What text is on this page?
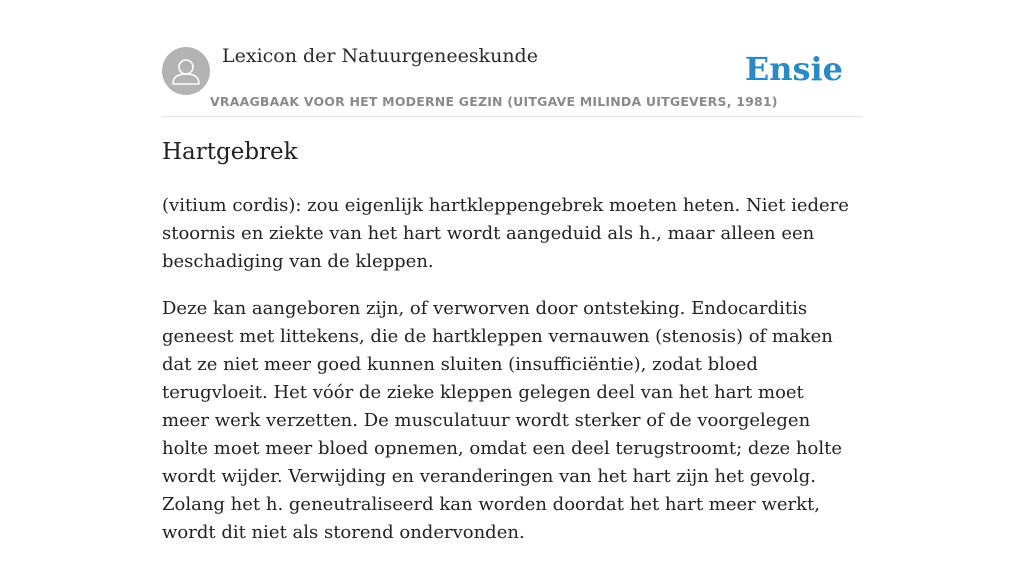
Lexicon der Natuurgeneeskunde
VRAAGBAAK VOOR HET MODERNE GEZIN (UITGAVE MILINDA UITGEVERS, 1981)
Ensie
Hartgebrek

(vitium cordis): zou eigenlijk hartkleppengebrek moeten heten. Niet iedere stoornis en ziekte van het hart wordt aangeduid als h., maar alleen een beschadiging van de kleppen.

Deze kan aangeboren zijn, of verworven door ontsteking. Endocarditis geneest met littekens, die de hartkleppen vernauwen (stenosis) of maken dat ze niet meer goed kunnen sluiten (insufficiëntie), zodat bloed terugvloeit. Het vóór de zieke kleppen gelegen deel van het hart moet meer werk verzetten. De musculatuur wordt sterker of de voorgelegen holte moet meer bloed opnemen, omdat een deel terugstroomt; deze holte wordt wijder. Verwijding en veranderingen van het hart zijn het gevolg. Zolang het h. geneutraliseerd kan worden doordat het hart meer werkt, wordt dit niet als storend ondervonden.
